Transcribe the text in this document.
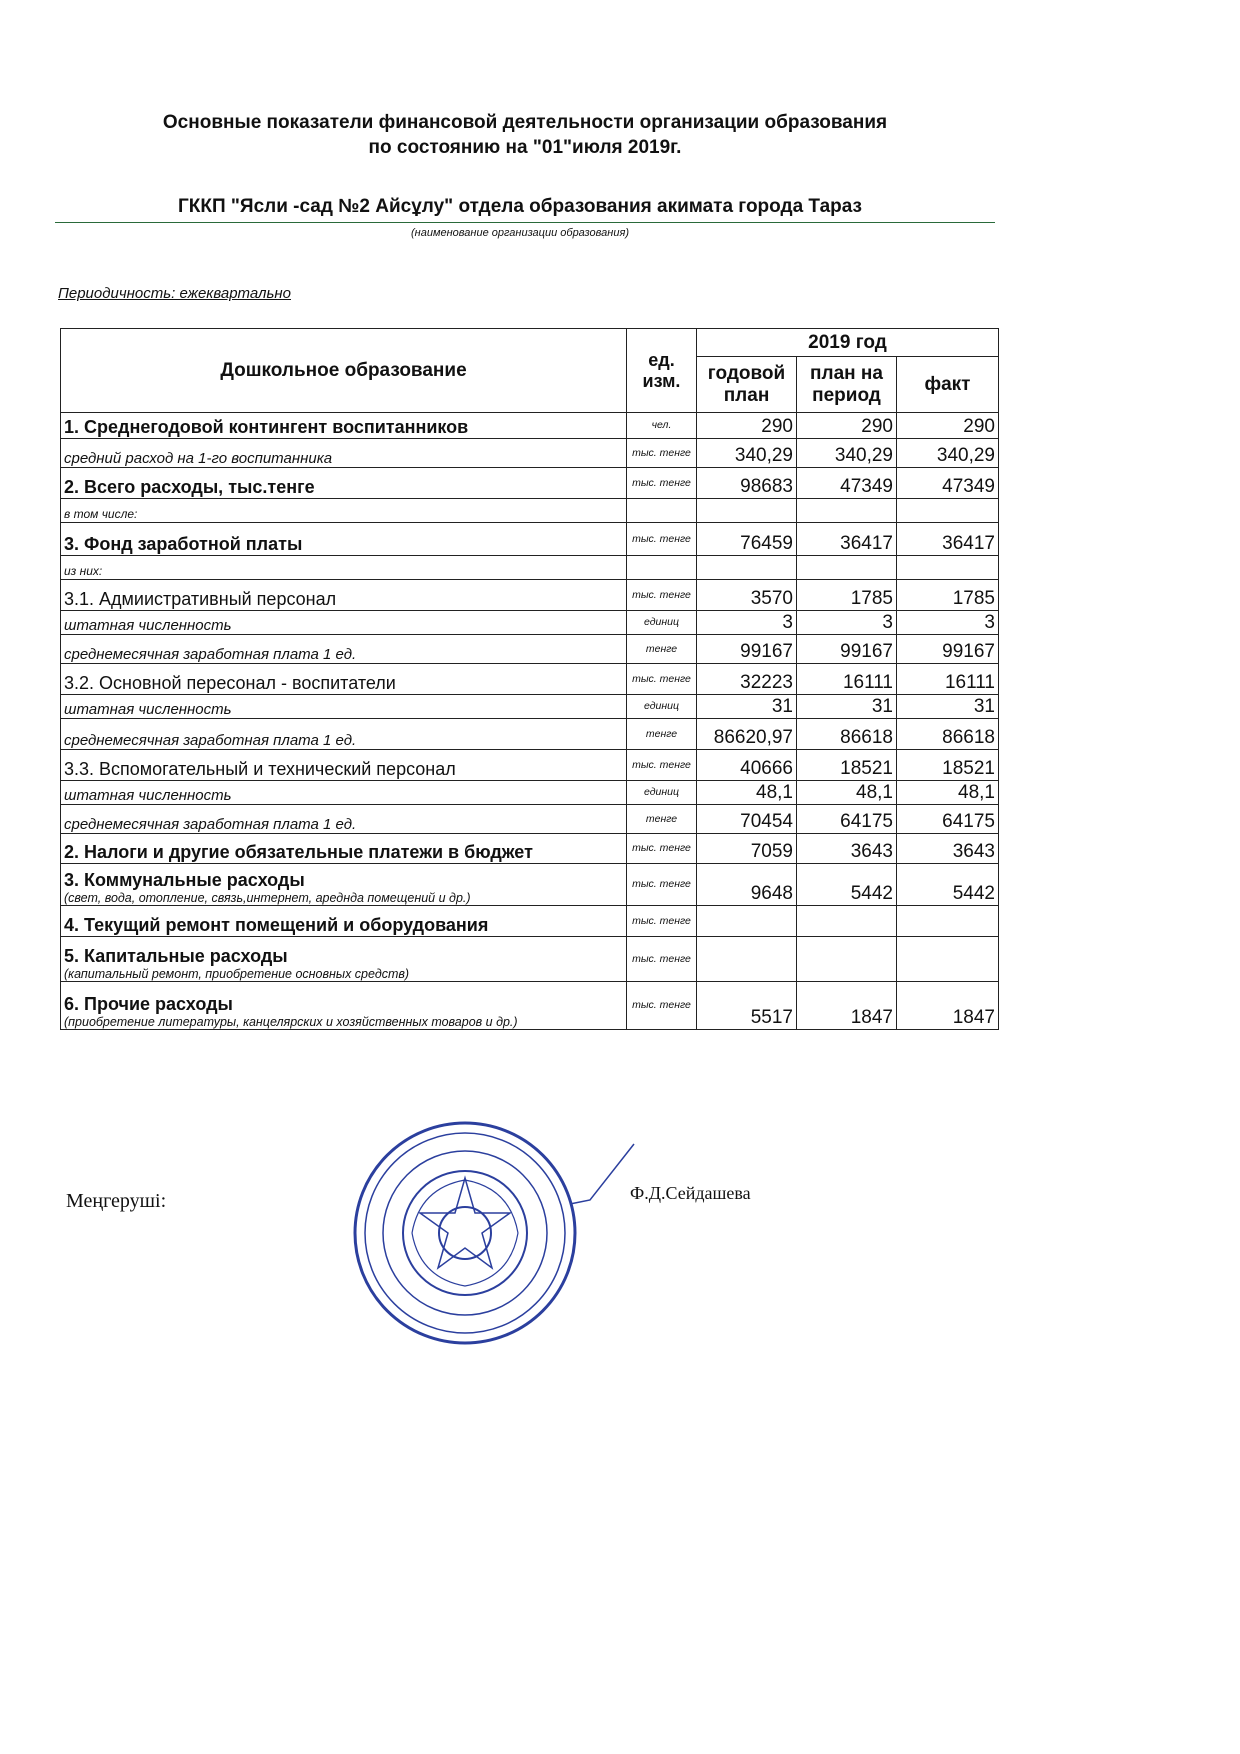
Основные показатели финансовой деятельности организации образования
по состоянию на "01"июля 2019г.
ГККП "Ясли -сад №2 Айсұлу" отдела образования акимата города Тараз
(наименование организации образования)
Периодичность: ежеквартально
Дошкольное образование	ед. изм.	2019 год		
		годовой план	план на период	факт
1. Среднегодовой контингент воспитанников	чел.	290	290	290
средний расход на 1-го воспитанника	тыс. тенге	340,29	340,29	340,29
2. Всего расходы, тыс.тенге	тыс. тенге	98683	47349	47349
в том числе:				
3. Фонд заработной платы	тыс. тенге	76459	36417	36417
из них:				
3.1. Адмиистративный персонал	тыс. тенге	3570	1785	1785
штатная численность	единиц	3	3	3
среднемесячная заработная плата 1 ед.	тенге	99167	99167	99167
3.2. Основной пересонал - воспитатели	тыс. тенге	32223	16111	16111
штатная численность	единиц	31	31	31
среднемесячная заработная плата 1 ед.	тенге	86620,97	86618	86618
3.3. Вспомогательный и технический персонал	тыс. тенге	40666	18521	18521
штатная численность	единиц	48,1	48,1	48,1
среднемесячная заработная плата 1 ед.	тенге	70454	64175	64175
2. Налоги и другие обязательные платежи в бюджет	тыс. тенге	7059	3643	3643
3. Коммунальные расходы
(свет, вода, отопление, связь,интернет, ареднда помещений и др.)	тыс. тенге	9648	5442	5442
4. Текущий ремонт помещений и оборудования	тыс. тенге			
5. Капитальные расходы
(капитальный ремонт, приобретение основных средств)	тыс. тенге			
6. Прочие расходы
(приобретение литературы, канцелярских и хозяйственных товаров и др.)	тыс. тенге	5517	1847	1847
Меңгеруші:	Ф.Д.Сейдашева
